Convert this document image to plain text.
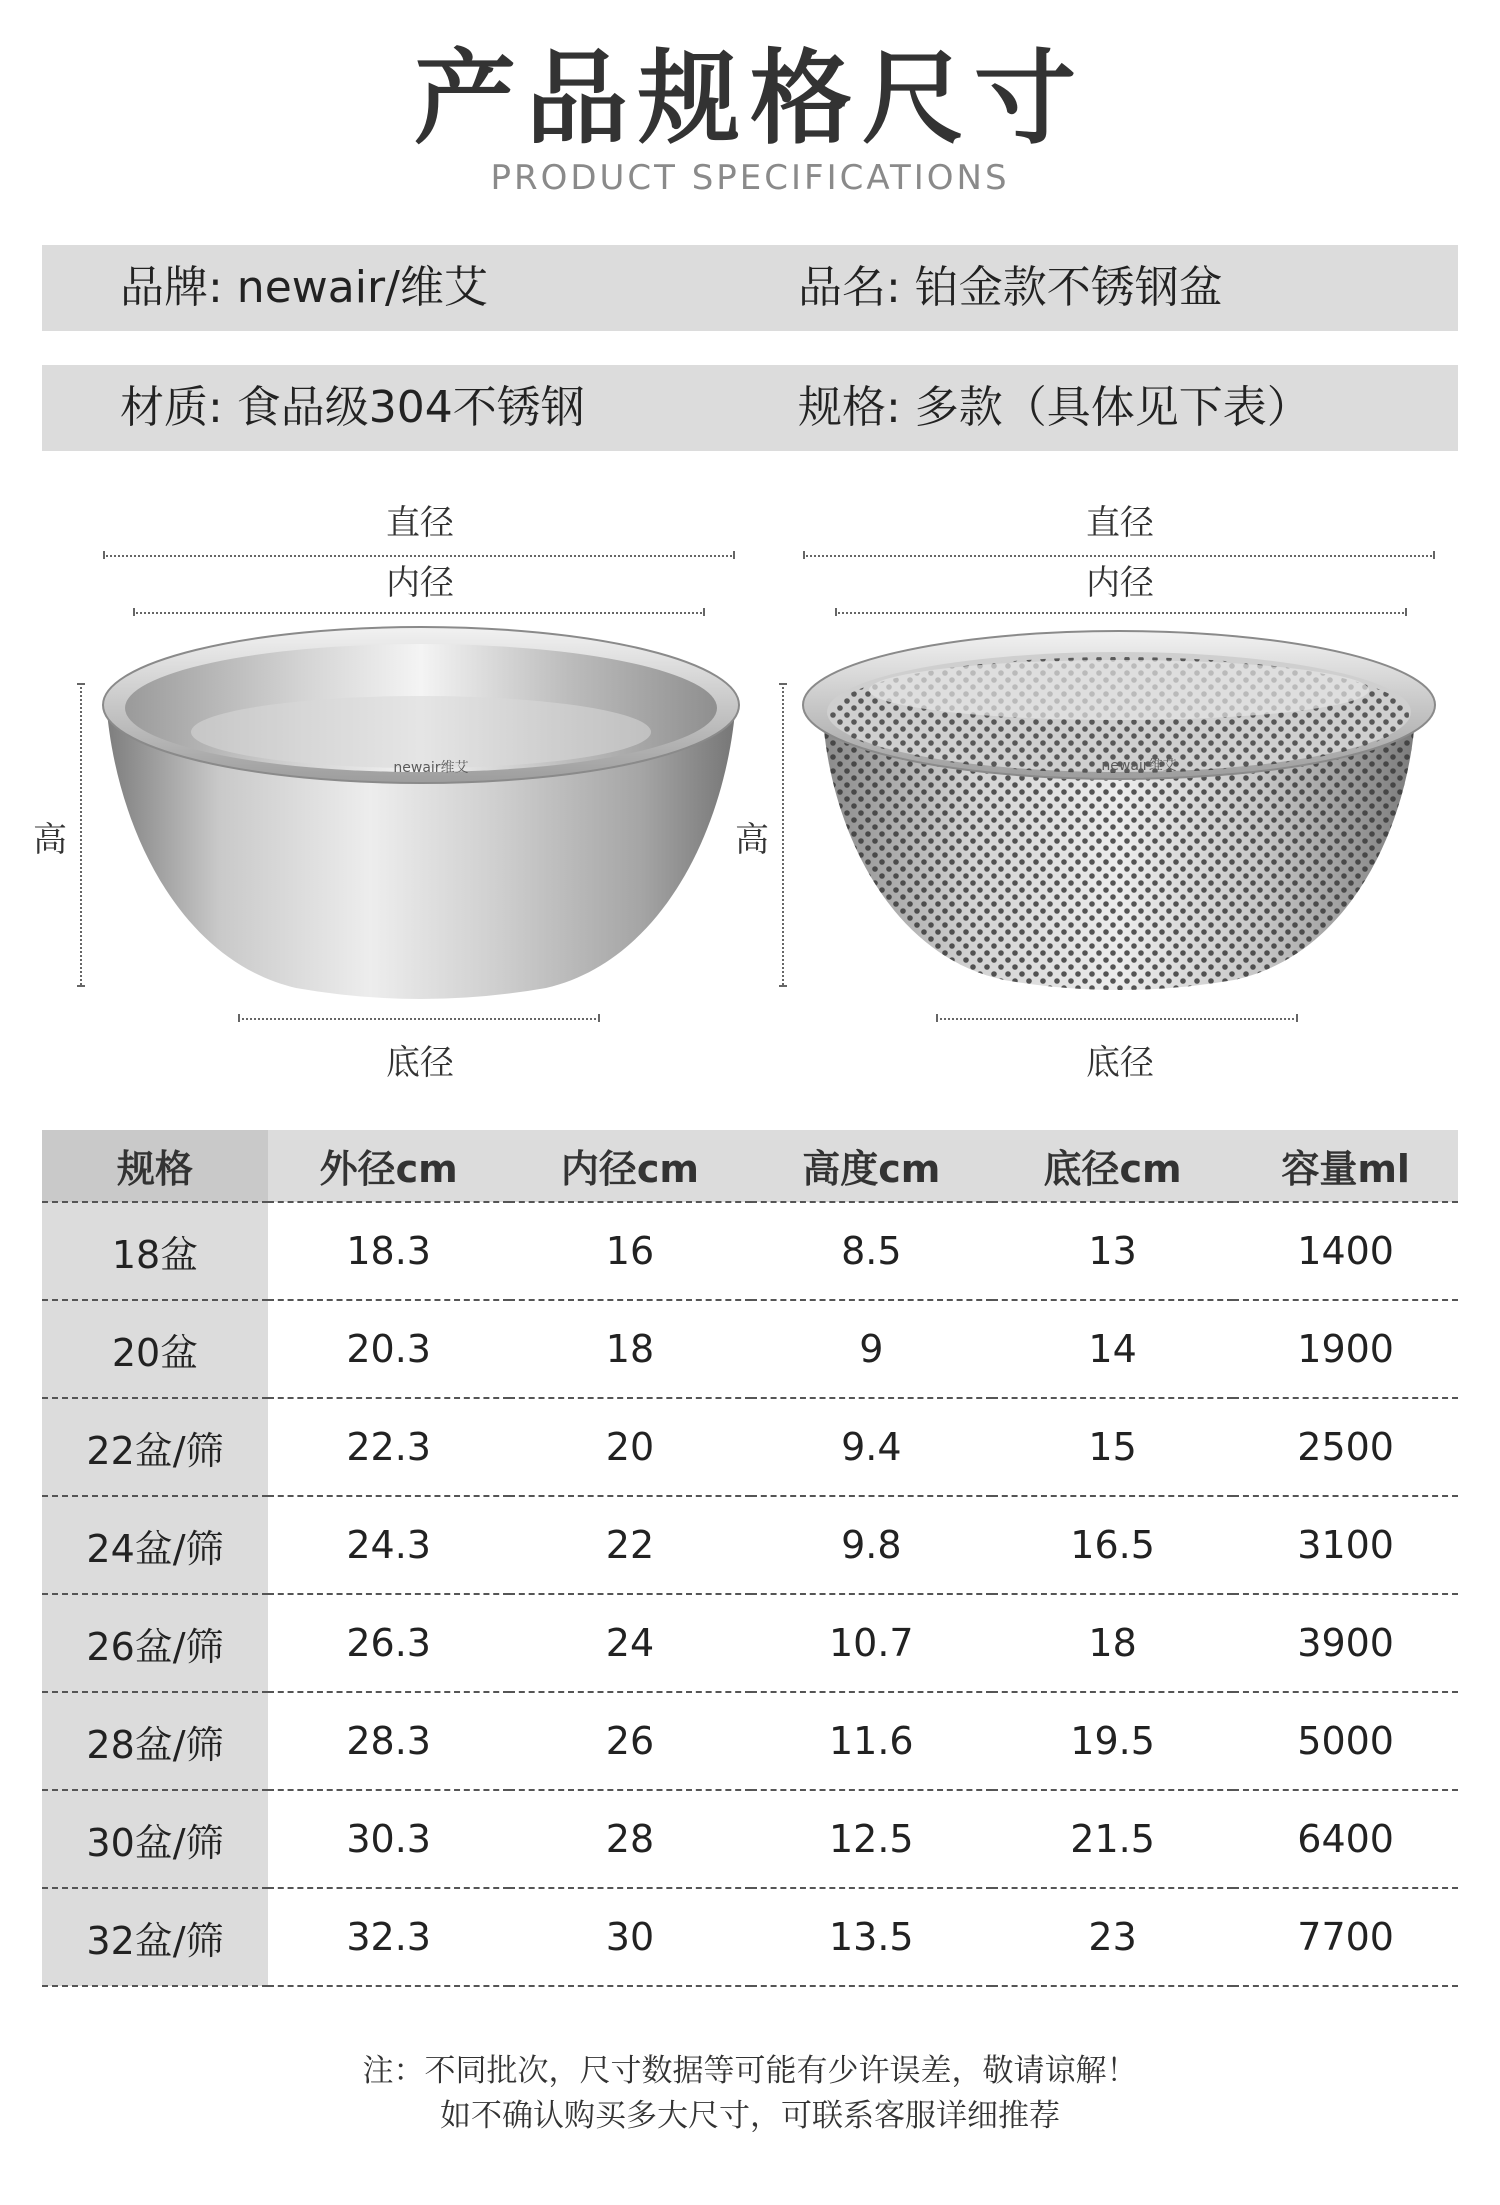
产品规格尺寸
PRODUCT SPECIFICATIONS
品牌: newair/维艾	品名: 铂金款不锈钢盆
材质: 食品级304不锈钢	规格: 多款（具体见下表）
直径
内径
高
底径
直径
内径
高
底径
newair维艾	newair维艾
规格	外径cm	内径cm	高度cm	底径cm	容量ml
18盆	18.3	16	8.5	13	1400
20盆	20.3	18	9	14	1900
22盆/筛	22.3	20	9.4	15	2500
24盆/筛	24.3	22	9.8	16.5	3100
26盆/筛	26.3	24	10.7	18	3900
28盆/筛	28.3	26	11.6	19.5	5000
30盆/筛	30.3	28	12.5	21.5	6400
32盆/筛	32.3	30	13.5	23	7700
注：不同批次，尺寸数据等可能有少许误差，敬请谅解！
如不确认购买多大尺寸，可联系客服详细推荐
